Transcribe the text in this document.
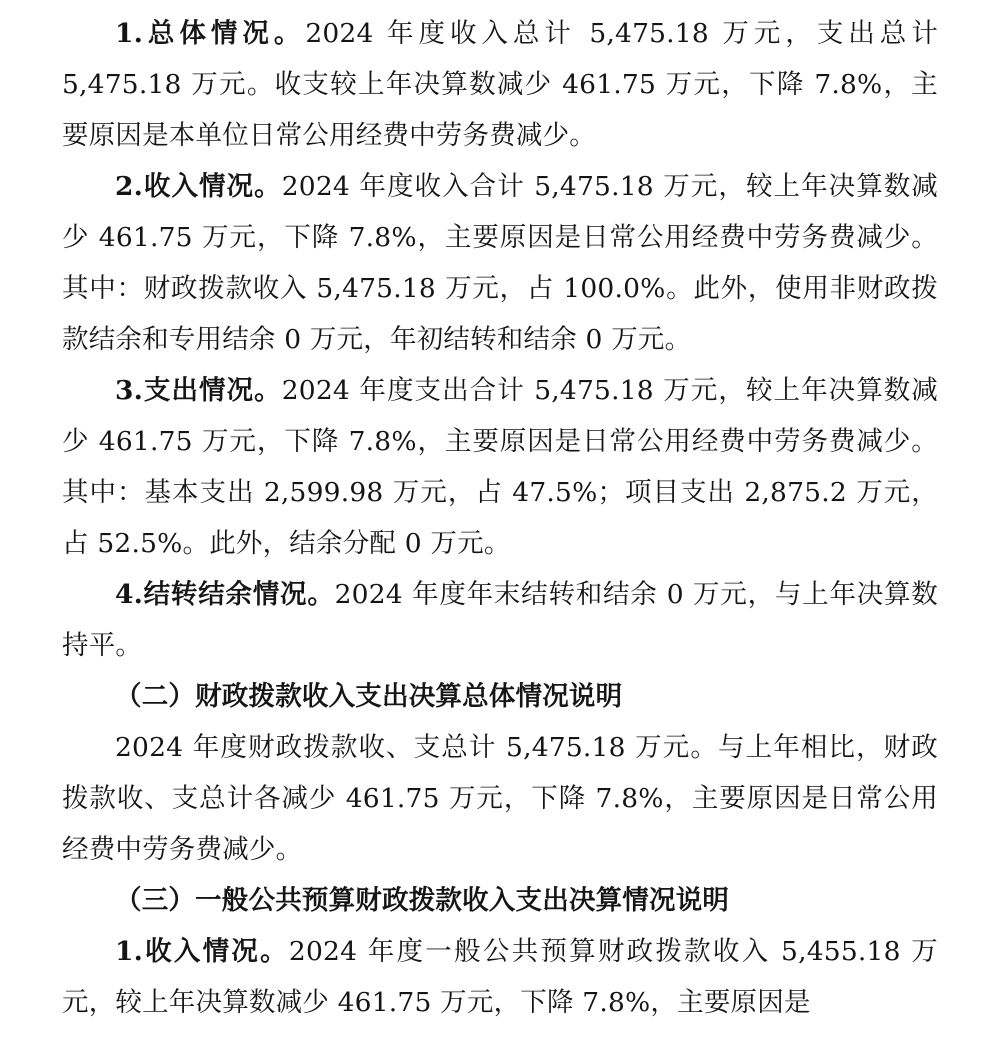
1.总体情况。2024 年度收入总计 5,475.18 万元，支出总计 5,475.18 万元。收支较上年决算数减少 461.75 万元，下降 7.8%，主要原因是本单位日常公用经费中劳务费减少。

2.收入情况。2024 年度收入合计 5,475.18 万元，较上年决算数减少 461.75 万元，下降 7.8%，主要原因是日常公用经费中劳务费减少。其中：财政拨款收入 5,475.18 万元，占 100.0%。此外，使用非财政拨款结余和专用结余 0 万元，年初结转和结余 0 万元。

3.支出情况。2024 年度支出合计 5,475.18 万元，较上年决算数减少 461.75 万元，下降 7.8%，主要原因是日常公用经费中劳务费减少。其中：基本支出 2,599.98 万元，占 47.5%；项目支出 2,875.2 万元，占 52.5%。此外，结余分配 0 万元。

4.结转结余情况。2024 年度年末结转和结余 0 万元，与上年决算数持平。

（二）财政拨款收入支出决算总体情况说明

2024 年度财政拨款收、支总计 5,475.18 万元。与上年相比，财政拨款收、支总计各减少 461.75 万元，下降 7.8%，主要原因是日常公用经费中劳务费减少。

（三）一般公共预算财政拨款收入支出决算情况说明

1.收入情况。2024 年度一般公共预算财政拨款收入 5,455.18 万元，较上年决算数减少 461.75 万元，下降 7.8%，主要原因是
